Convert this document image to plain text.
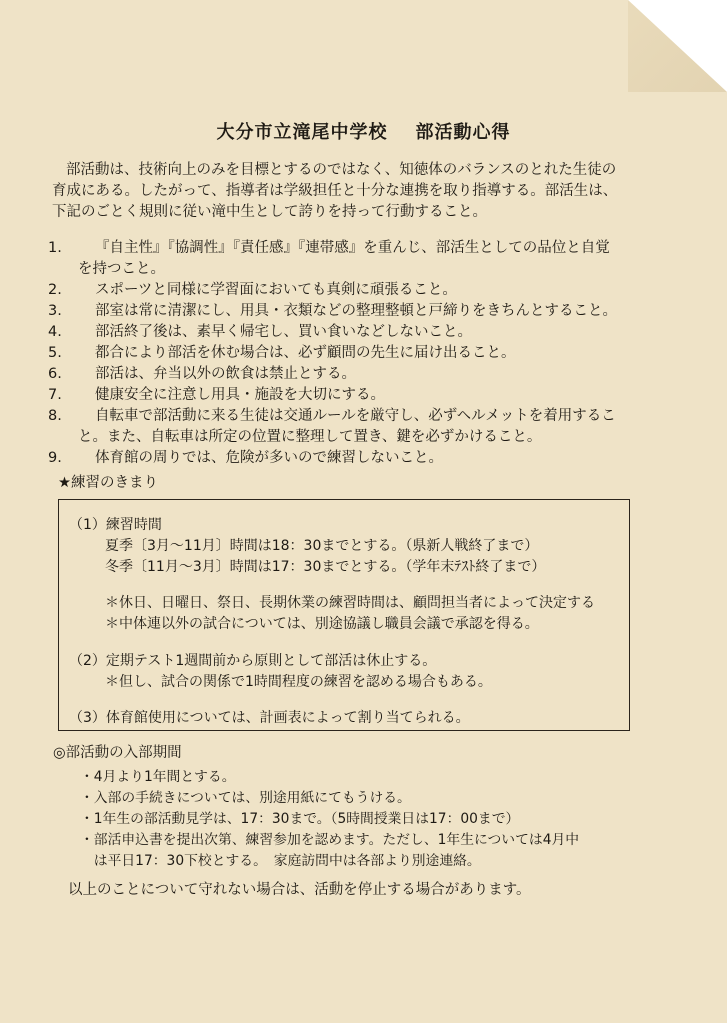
大分市立滝尾中学校 部活動心得
部活動は、技術向上のみを目標とするのではなく、知徳体のバランスのとれた生徒の
育成にある。したがって、指導者は学級担任と十分な連携を取り指導する。部活生は、
下記のごとく規則に従い滝中生として誇りを持って行動すること。
1.	『自主性』『協調性』『責任感』『連帯感』を重んじ、部活生としての品位と自覚
を持つこと。
2.	スポーツと同様に学習面においても真剣に頑張ること。
3.	部室は常に清潔にし、用具・衣類などの整理整頓と戸締りをきちんとすること。
4.	部活終了後は、素早く帰宅し、買い食いなどしないこと。
5.	都合により部活を休む場合は、必ず顧問の先生に届け出ること。
6.	部活は、弁当以外の飲食は禁止とする。
7.	健康安全に注意し用具・施設を大切にする。
8.	自転車で部活動に来る生徒は交通ルールを厳守し、必ずヘルメットを着用するこ
と。また、自転車は所定の位置に整理して置き、鍵を必ずかけること。
9.	体育館の周りでは、危険が多いので練習しないこと。
★練習のきまり
（1）練習時間
夏季〔3月〜11月〕時間は18：30までとする。（県新人戦終了まで）
冬季〔11月〜3月〕時間は17：30までとする。（学年末ﾃｽﾄ終了まで）
＊休日、日曜日、祭日、長期休業の練習時間は、顧問担当者によって決定する
＊中体連以外の試合については、別途協議し職員会議で承認を得る。
（2）定期テスト1週間前から原則として部活は休止する。
＊但し、試合の関係で1時間程度の練習を認める場合もある。
（3）体育館使用については、計画表によって割り当てられる。
◎部活動の入部期間
・4月より1年間とする。
・入部の手続きについては、別途用紙にてもうける。
・1年生の部活動見学は、17：30まで。（5時間授業日は17：00まで）
・部活申込書を提出次第、練習参加を認めます。ただし、1年生については4月中
　は平日17：30下校とする。　家庭訪問中は各部より別途連絡。
以上のことについて守れない場合は、活動を停止する場合があります。
